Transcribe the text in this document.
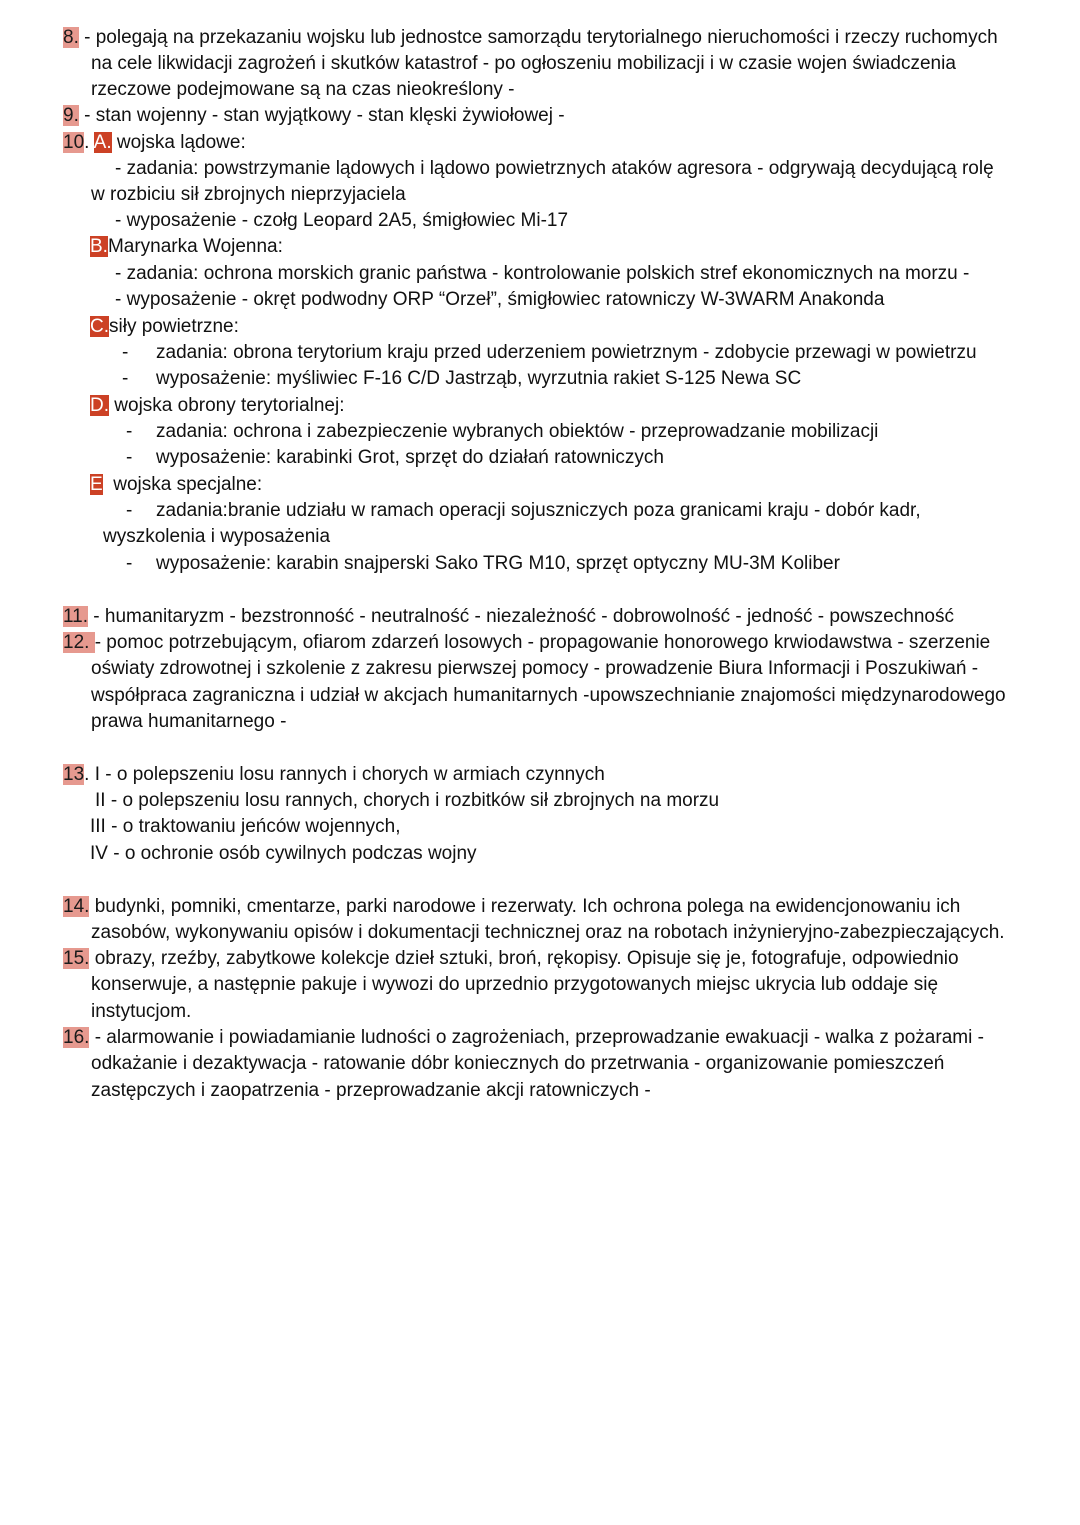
8. - polegają na przekazaniu wojsku lub jednostce samorządu terytorialnego nieruchomości i rzeczy ruchomych
na cele likwidacji zagrożeń i skutków katastrof - po ogłoszeniu mobilizacji i w czasie wojen świadczenia
rzeczowe podejmowane są na czas nieokreślony -
9. - stan wojenny - stan wyjątkowy - stan klęski żywiołowej -
10. A. wojska lądowe:
- zadania: powstrzymanie lądowych i lądowo powietrznych ataków agresora - odgrywają decydującą rolę
w rozbiciu sił zbrojnych nieprzyjaciela
- wyposażenie - czołg Leopard 2A5, śmigłowiec Mi-17
B.Marynarka Wojenna:
- zadania: ochrona morskich granic państwa - kontrolowanie polskich stref ekonomicznych na morzu -
- wyposażenie - okręt podwodny ORP “Orzeł”, śmigłowiec ratowniczy W-3WARM Anakonda
C.siły powietrzne:
- zadania: obrona terytorium kraju przed uderzeniem powietrznym - zdobycie przewagi w powietrzu
- wyposażenie: myśliwiec F-16 C/D Jastrząb, wyrzutnia rakiet S-125 Newa SC
D. wojska obrony terytorialnej:
- zadania: ochrona i zabezpieczenie wybranych obiektów - przeprowadzanie mobilizacji
- wyposażenie: karabinki Grot, sprzęt do działań ratowniczych
E  wojska specjalne:
- zadania:branie udziału w ramach operacji sojuszniczych poza granicami kraju - dobór kadr,
wyszkolenia i wyposażenia
- wyposażenie: karabin snajperski Sako TRG M10, sprzęt optyczny MU-3M Koliber
11. - humanitaryzm - bezstronność - neutralność - niezależność - dobrowolność - jedność - powszechność
12. - pomoc potrzebującym, ofiarom zdarzeń losowych - propagowanie honorowego krwiodawstwa - szerzenie
oświaty zdrowotnej i szkolenie z zakresu pierwszej pomocy - prowadzenie Biura Informacji i Poszukiwań -
współpraca zagraniczna i udział w akcjach humanitarnych -upowszechnianie znajomości międzynarodowego
prawa humanitarnego -
13. I - o polepszeniu losu rannych i chorych w armiach czynnych
II - o polepszeniu losu rannych, chorych i rozbitków sił zbrojnych na morzu
III - o traktowaniu jeńców wojennych,
IV - o ochronie osób cywilnych podczas wojny
14. budynki, pomniki, cmentarze, parki narodowe i rezerwaty. Ich ochrona polega na ewidencjonowaniu ich
zasobów, wykonywaniu opisów i dokumentacji technicznej oraz na robotach inżynieryjno-zabezpieczających.
15. obrazy, rzeźby, zabytkowe kolekcje dzieł sztuki, broń, rękopisy. Opisuje się je, fotografuje, odpowiednio
konserwuje, a następnie pakuje i wywozi do uprzednio przygotowanych miejsc ukrycia lub oddaje się
instytucjom.
16. - alarmowanie i powiadamianie ludności o zagrożeniach, przeprowadzanie ewakuacji - walka z pożarami -
odkażanie i dezaktywacja - ratowanie dóbr koniecznych do przetrwania - organizowanie pomieszczeń
zastępczych i zaopatrzenia - przeprowadzanie akcji ratowniczych -
